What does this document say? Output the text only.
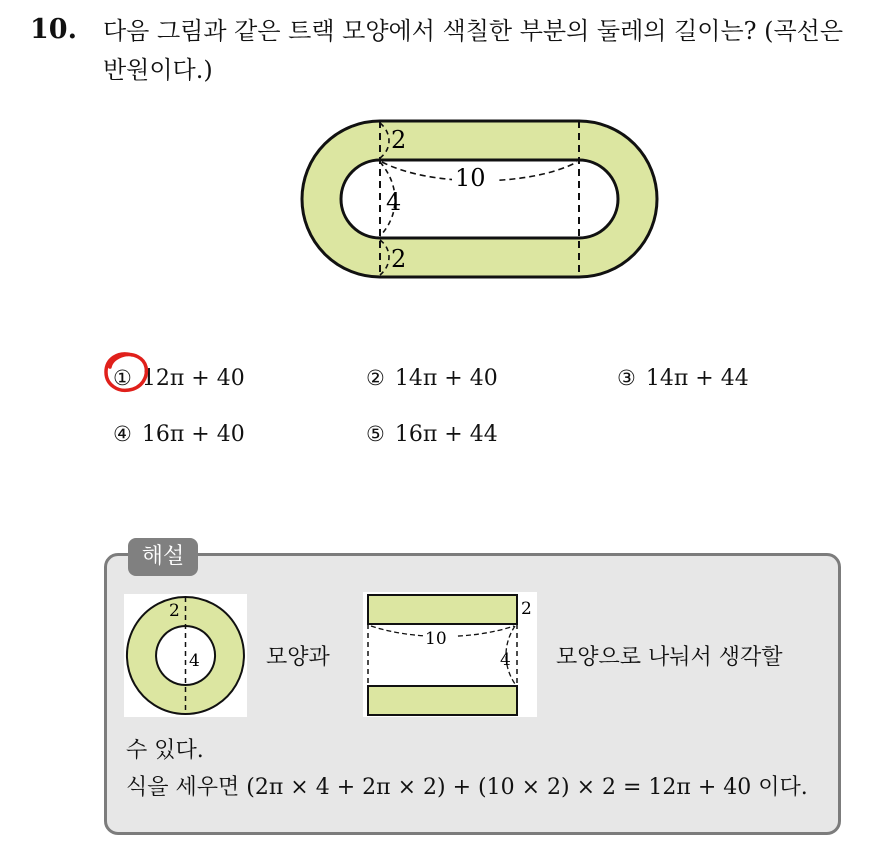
10. 다음 그림과 같은 트랙 모양에서 색칠한 부분의 둘레의 길이는? (곡선은 반원이다.)
10
2
4
2
① 12π + 40	② 14π + 40	③ 14π + 44
④ 16π + 40	⑤ 16π + 44
해설
2
4	모양과
10
2
4 모양으로 나눠서 생각할
수 있다.
식을 세우면 (2π × 4 + 2π × 2) + (10 × 2) × 2 = 12π + 40 이다.
